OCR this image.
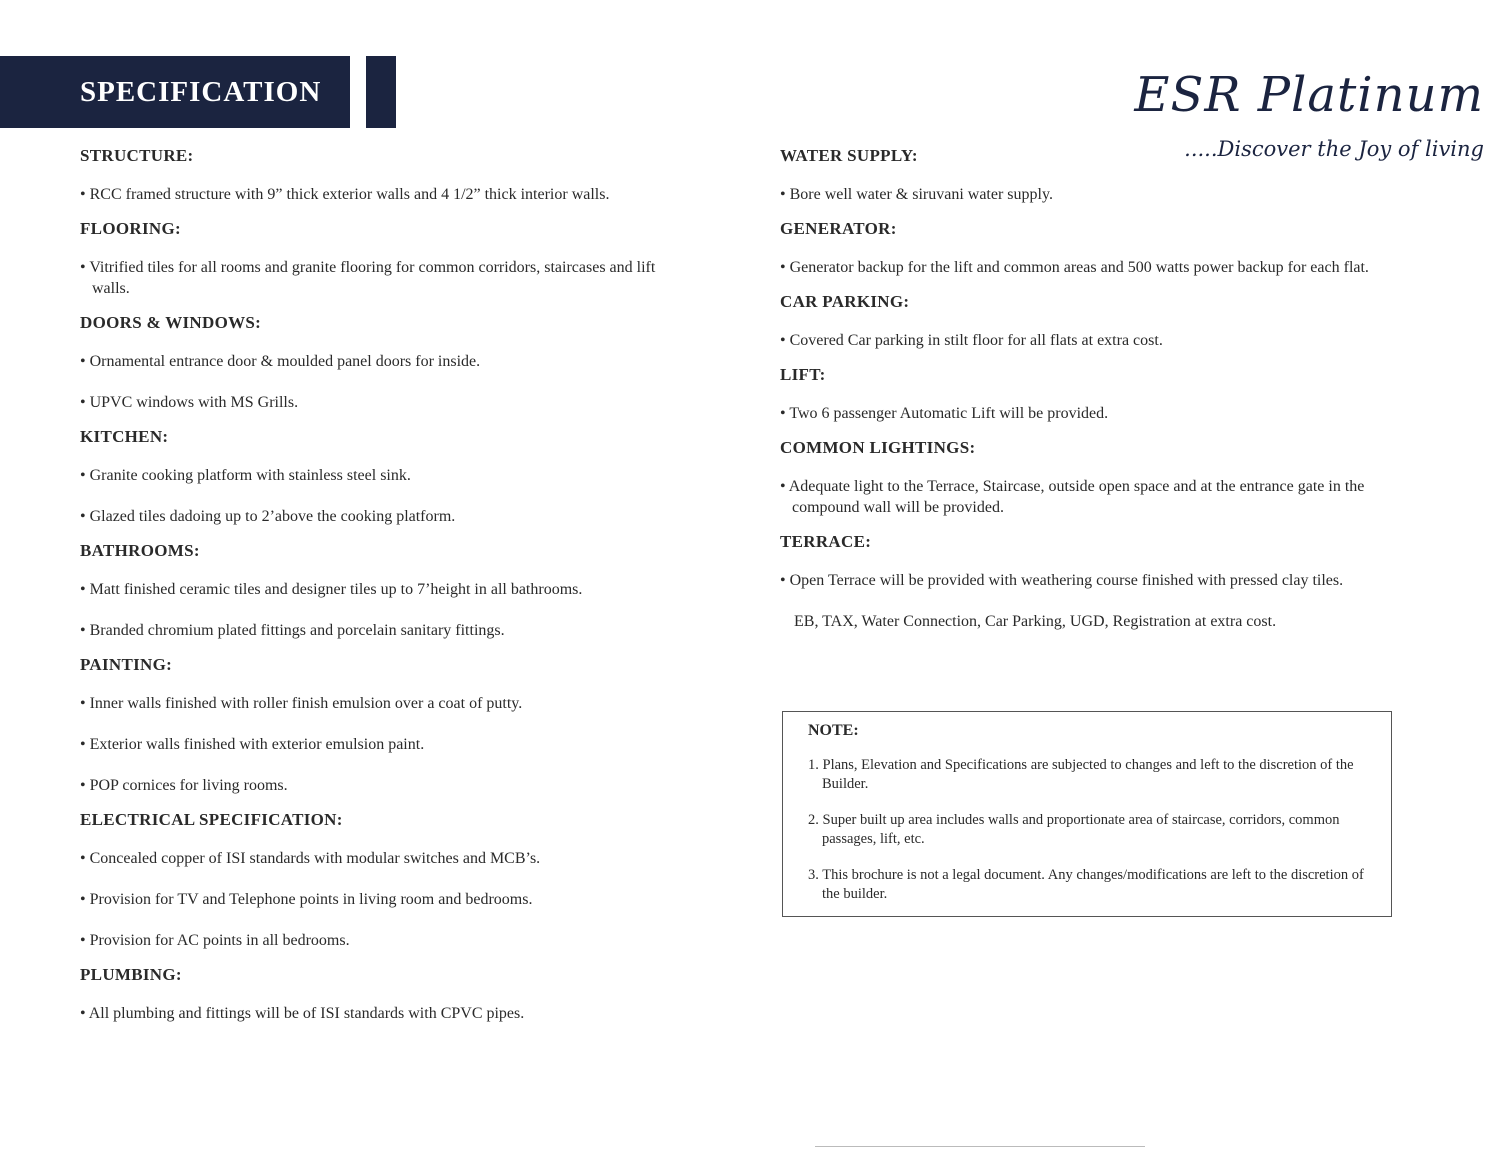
SPECIFICATION	ESR Platinum
.....Discover the Joy of living

STRUCTURE:

• RCC framed structure with 9” thick exterior walls and 4 1/2” thick interior walls.

FLOORING:

• Vitrified tiles for all rooms and granite flooring for common corridors, staircases and lift walls.

DOORS & WINDOWS:

• Ornamental entrance door & moulded panel doors for inside.

• UPVC windows with MS Grills.

KITCHEN:

• Granite cooking platform with stainless steel sink.

• Glazed tiles dadoing up to 2’above the cooking platform.

BATHROOMS:

• Matt finished ceramic tiles and designer tiles up to 7’height in all bathrooms.

• Branded chromium plated fittings and porcelain sanitary fittings.

PAINTING:

• Inner walls finished with roller finish emulsion over a coat of putty.

• Exterior walls finished with exterior emulsion paint.

• POP cornices for living rooms.

ELECTRICAL SPECIFICATION:

• Concealed copper of ISI standards with modular switches and MCB’s.

• Provision for TV and Telephone points in living room and bedrooms.

• Provision for AC points in all bedrooms.

PLUMBING:

• All plumbing and fittings will be of ISI standards with CPVC pipes.

WATER SUPPLY:

• Bore well water & siruvani water supply.

GENERATOR:

• Generator backup for the lift and common areas and 500 watts power backup for each flat.

CAR PARKING:

• Covered Car parking in stilt floor for all flats at extra cost.

LIFT:

• Two 6 passenger Automatic Lift will be provided.

COMMON LIGHTINGS:

• Adequate light to the Terrace, Staircase, outside open space and at the entrance gate in the compound wall will be provided.

TERRACE:

• Open Terrace will be provided with weathering course finished with pressed clay tiles.

EB, TAX, Water Connection, Car Parking, UGD, Registration at extra cost.

NOTE:

1. Plans, Elevation and Specifications are subjected to changes and left to the discretion of the Builder.

2. Super built up area includes walls and proportionate area of staircase, corridors, common passages, lift, etc.

3. This brochure is not a legal document. Any changes/modifications are left to the discretion of the builder.
